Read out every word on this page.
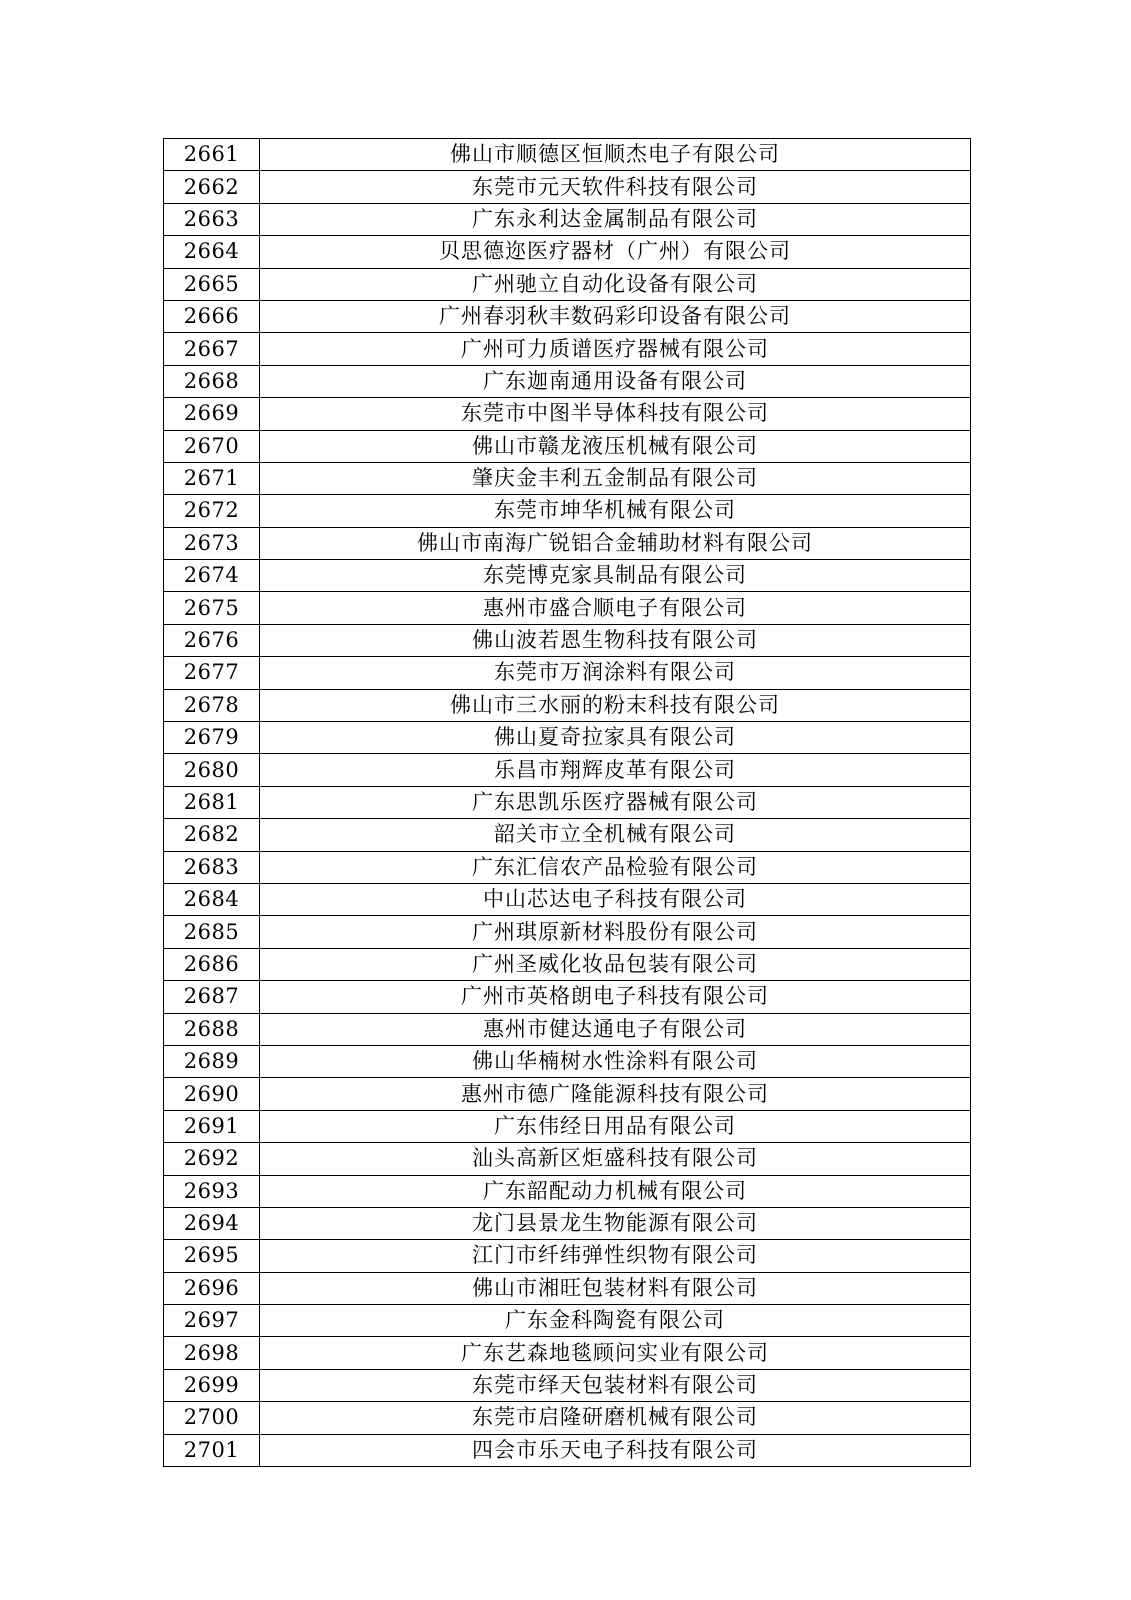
2661	佛山市顺德区恒顺杰电子有限公司
2662	东莞市元天软件科技有限公司
2663	广东永利达金属制品有限公司
2664	贝思德迩医疗器材（广州）有限公司
2665	广州驰立自动化设备有限公司
2666	广州春羽秋丰数码彩印设备有限公司
2667	广州可力质谱医疗器械有限公司
2668	广东迦南通用设备有限公司
2669	东莞市中图半导体科技有限公司
2670	佛山市赣龙液压机械有限公司
2671	肇庆金丰利五金制品有限公司
2672	东莞市坤华机械有限公司
2673	佛山市南海广锐铝合金辅助材料有限公司
2674	东莞博克家具制品有限公司
2675	惠州市盛合顺电子有限公司
2676	佛山波若恩生物科技有限公司
2677	东莞市万润涂料有限公司
2678	佛山市三水丽的粉末科技有限公司
2679	佛山夏奇拉家具有限公司
2680	乐昌市翔辉皮革有限公司
2681	广东思凯乐医疗器械有限公司
2682	韶关市立全机械有限公司
2683	广东汇信农产品检验有限公司
2684	中山芯达电子科技有限公司
2685	广州琪原新材料股份有限公司
2686	广州圣威化妆品包装有限公司
2687	广州市英格朗电子科技有限公司
2688	惠州市健达通电子有限公司
2689	佛山华楠树水性涂料有限公司
2690	惠州市德广隆能源科技有限公司
2691	广东伟经日用品有限公司
2692	汕头高新区炬盛科技有限公司
2693	广东韶配动力机械有限公司
2694	龙门县景龙生物能源有限公司
2695	江门市纤纬弹性织物有限公司
2696	佛山市湘旺包装材料有限公司
2697	广东金科陶瓷有限公司
2698	广东艺森地毯顾问实业有限公司
2699	东莞市绎天包装材料有限公司
2700	东莞市启隆研磨机械有限公司
2701	四会市乐天电子科技有限公司
